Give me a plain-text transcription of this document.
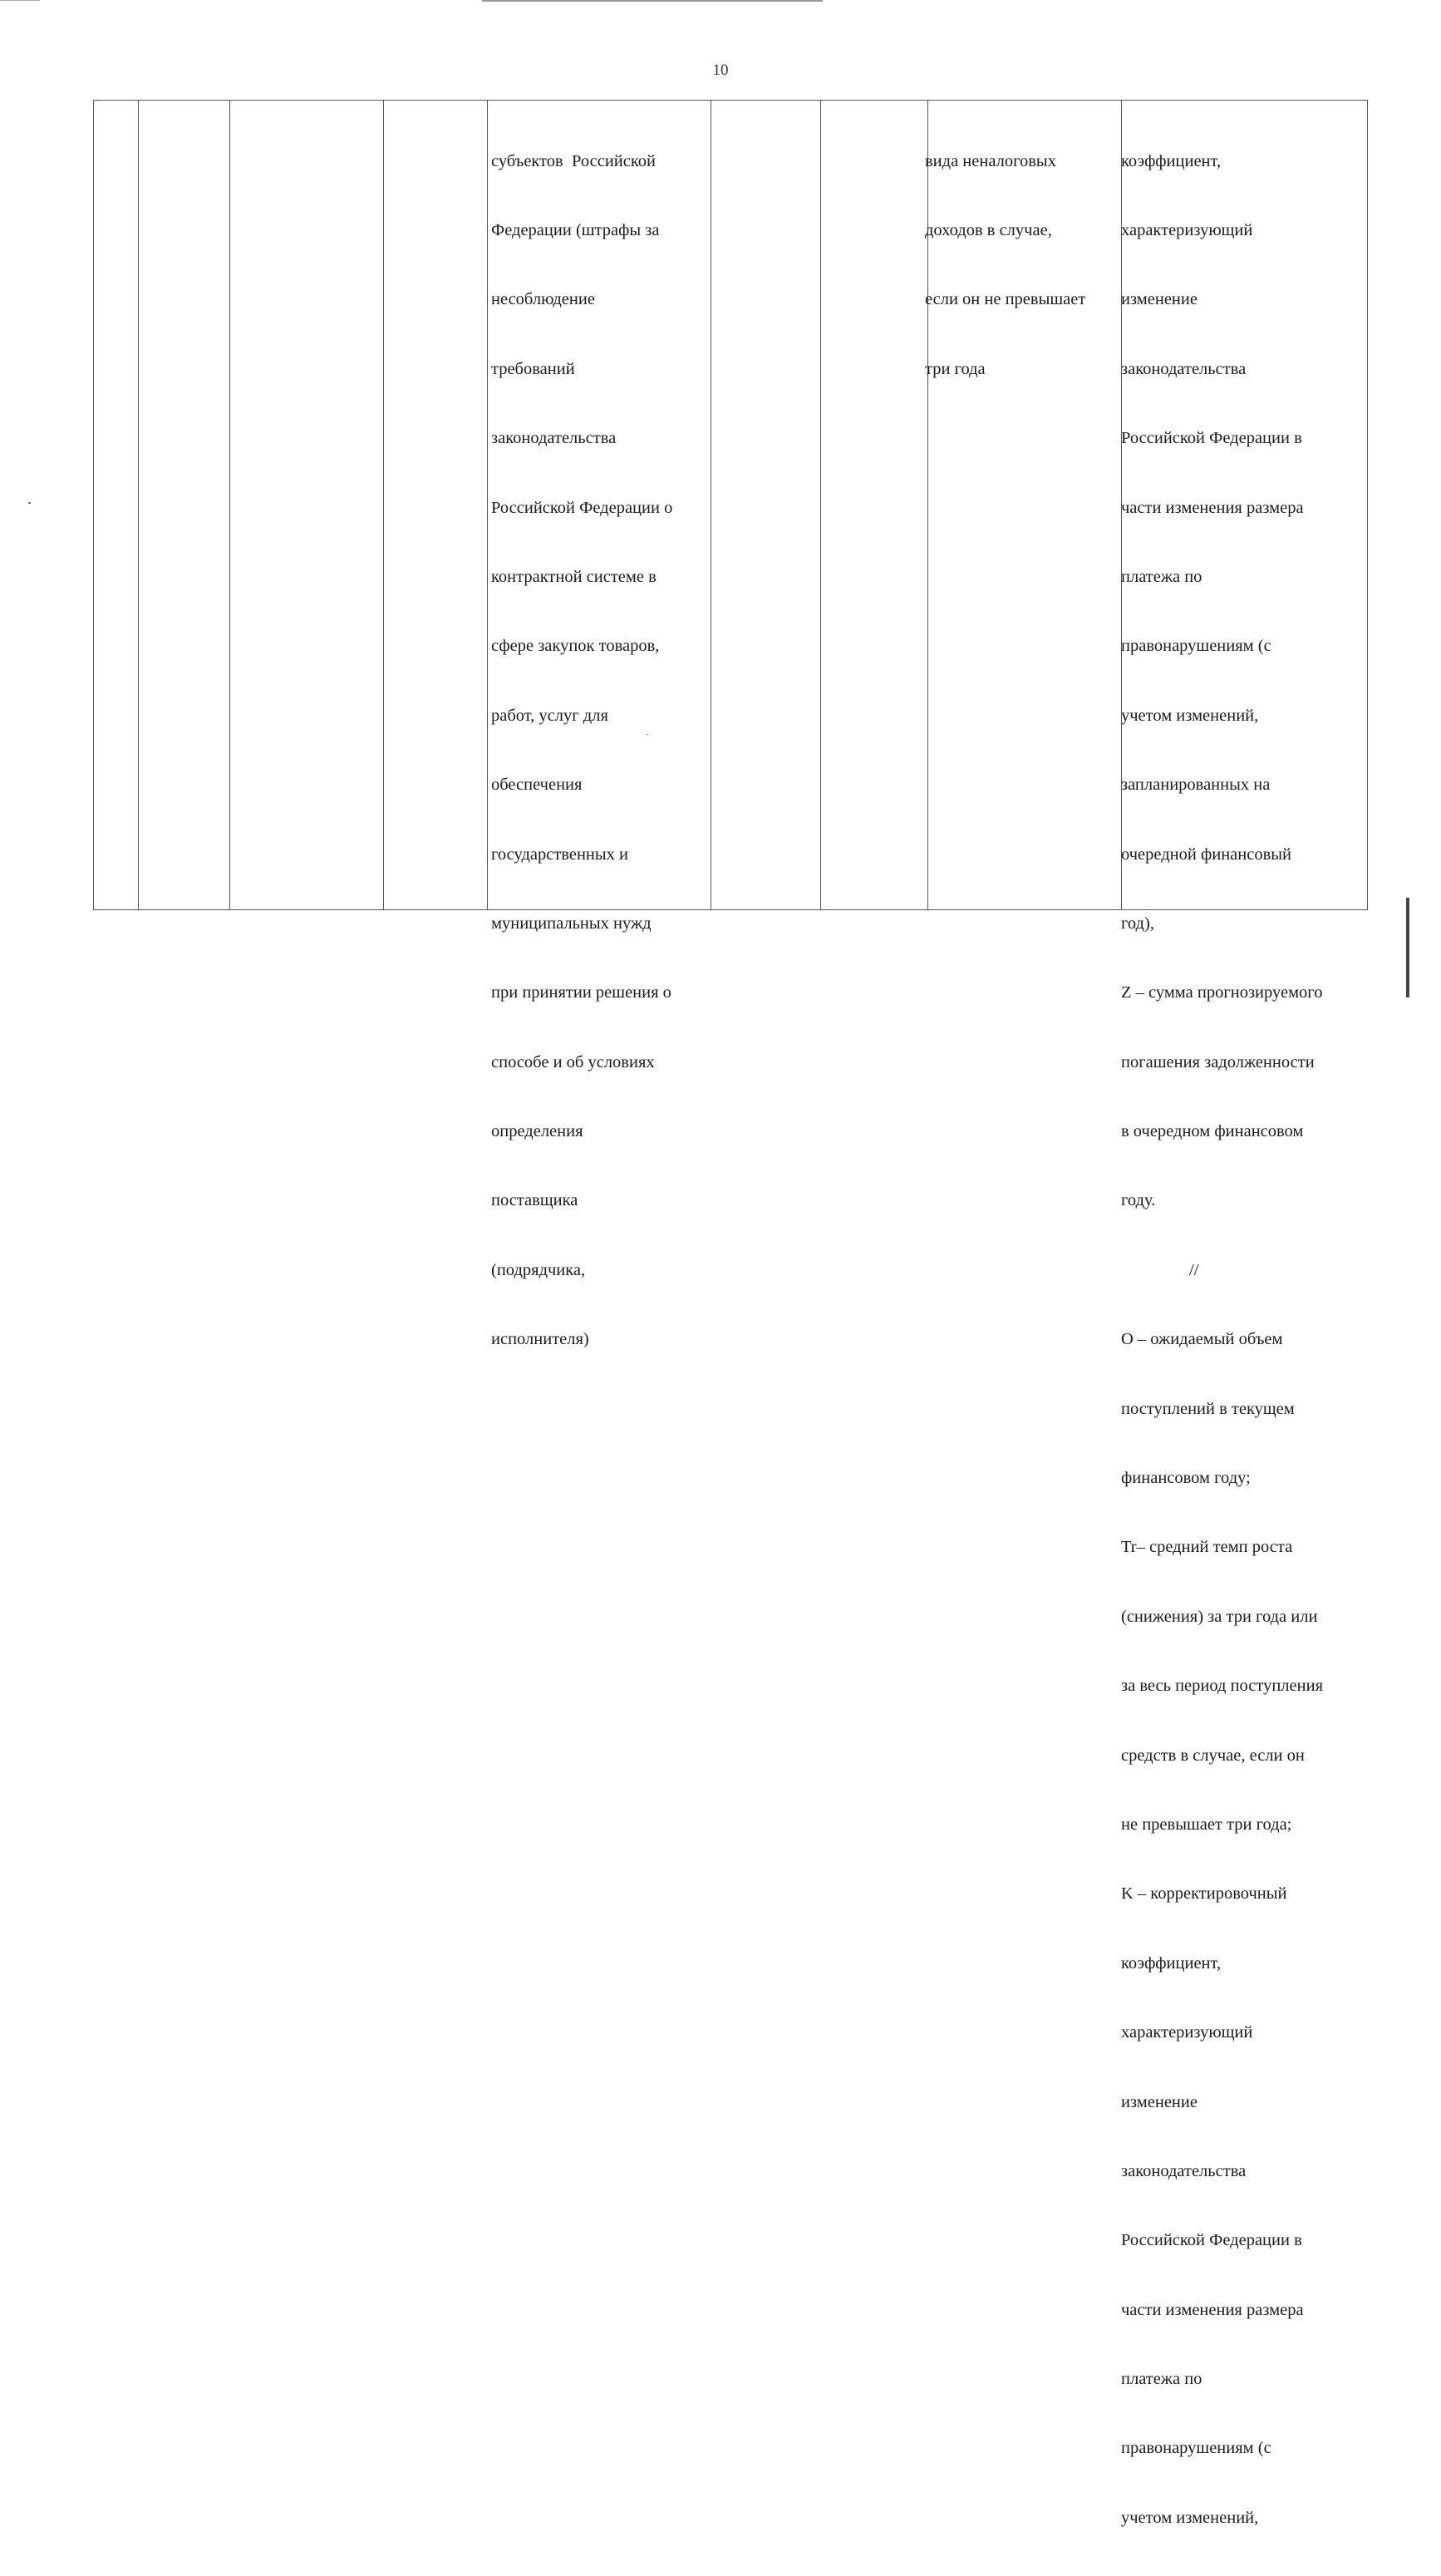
10

субъектов  Российской

Федерации (штрафы за

несоблюдение

требований

законодательства

Российской Федерации о

контрактной системе в

сфере закупок товаров,

работ, услуг для

обеспечения

государственных и

муниципальных нужд

при принятии решения о

способе и об условиях

определения

поставщика

(подрядчика,

исполнителя)

вида неналоговых

доходов в случае,

если он не превышает

три года

коэффициент,

характеризующий

изменение

законодательства

Российской Федерации в

части изменения размера

платежа по

правонарушениям (с

учетом изменений,

запланированных на

очередной финансовый

год),

Z – сумма прогнозируемого

погашения задолженности

в очередном финансовом

году.

//

O – ожидаемый объем

поступлений в текущем

финансовом году;

Tr– средний темп роста

(снижения) за три года или

за весь период поступления

средств в случае, если он

не превышает три года;

K – корректировочный

коэффициент,

характеризующий

изменение

законодательства

Российской Федерации в

части изменения размера

платежа по

правонарушениям (с

учетом изменений,
